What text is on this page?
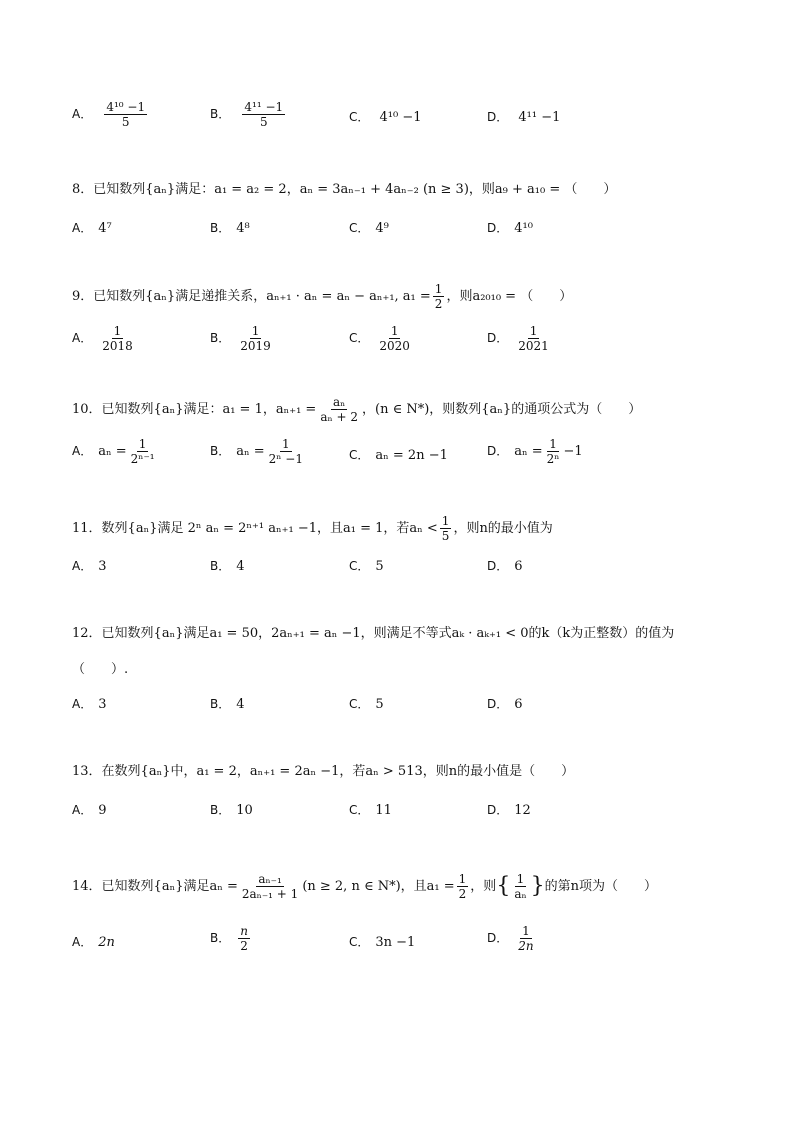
A． $\frac{\text{4¹⁰ −1}}{5}$	B． $\frac{\text{4¹¹ −1}}{5}$	C． 4¹⁰ −1	D． 4¹¹ −1
8．已知数列{aₙ}满足：a₁ = a₂ = 2，aₙ = 3aₙ₋₁ + 4aₙ₋₂ (n ≥ 3)，则a₉ + a₁₀ = （　　）
A． 4⁷	B． 4⁸	C． 4⁹	D． 4¹⁰
9．已知数列{aₙ}满足递推关系，aₙ₊₁ · aₙ = aₙ − aₙ₊₁, $a_1 = \frac{1}{2}$ ，则a₂₀₁₀ = （　　）
A． $\frac{1}{2018}$	B． $\frac{1}{2019}$	C． $\frac{1}{2020}$	D． $\frac{1}{2021}$
10．已知数列{aₙ}满足：a₁ = 1，$a_{n+1} = \frac{\text{aₙ}}{\text{aₙ + 2}}$ ，(n ∈ N*)，则数列{aₙ}的通项公式为（　　）
A． $a_n = \frac{1}{\text{2ⁿ⁻¹}}$	B． $a_n = \frac{1}{\text{2ⁿ −1}}$	C． aₙ = 2n −1	D． $a_n = \frac{1}{\text{2ⁿ}} -1$
11．数列{aₙ}满足 2ⁿ aₙ = 2ⁿ⁺¹ aₙ₊₁ −1，且a₁ = 1，若$a_n < \frac{1}{5}$ ，则n的最小值为
A． 3	B． 4	C． 5	D． 6
12．已知数列{aₙ}满足a₁ = 50，2aₙ₊₁ = aₙ −1，则满足不等式aₖ · aₖ₊₁ < 0的k（k为正整数）的值为
（　　）.
A． 3	B． 4	C． 5	D． 6
13．在数列{aₙ}中，a₁ = 2，aₙ₊₁ = 2aₙ −1，若aₙ > 513，则n的最小值是（　　）
A． 9	B． 10	C． 11	D． 12
14．已知数列{aₙ}满足$a_n = \frac{\text{aₙ₋₁}}{\text{2aₙ₋₁ + 1}} (n \ge 2$, n ∈ N*)，且$a_1 = \frac{1}{2}$ ，则{ $\frac{1}{\text{aₙ}}$ }的第n项为（　　）
A． 2n	B． $\frac{n}{2}$	C． 3n −1	D． $\frac{1}{2n}$
